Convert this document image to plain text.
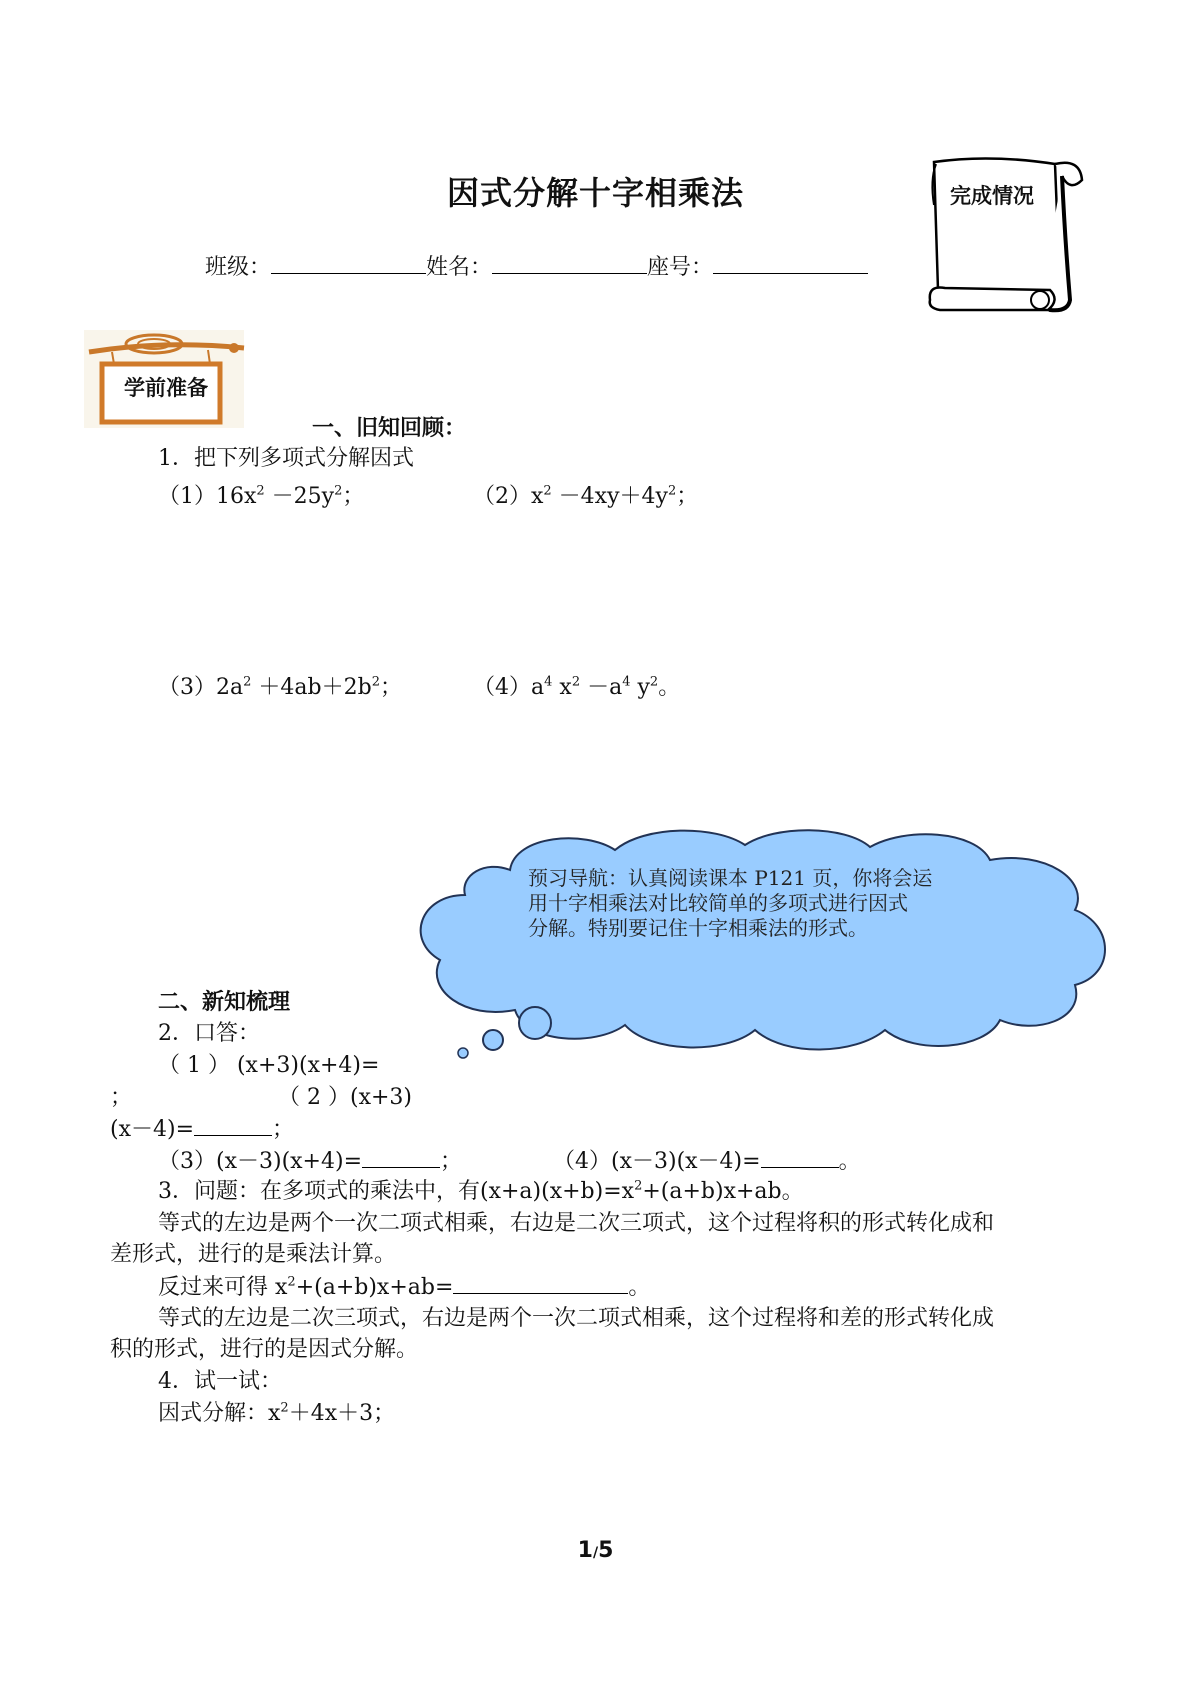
因式分解十字相乘法
班级：	姓名：	座号：
完成情况
学前准备
一、旧知回顾：
1．把下列多项式分解因式
$(1)16x^2 -25y^2$；	$(2)x^2 -4xy+4y^2$；
$(3)2a^2 +4ab+2b^2$；	$(4)a^4$ $x^2 -a^4$ $y^2$。
预习导航：认真阅读课本 P121 页，你将会运
用十字相乘法对比较简单的多项式进行因式
分解。特别要记住十字相乘法的形式。
二、新知梳理
2．口答：
（ 1 ） (x+3)(x+4)=
；	（ 2 ）(x+3)
(x－4)=	；
（3）(x－3)(x+4)=	；	（4）(x－3)(x－4)=	。
3．问题：在多项式的乘法中，有$(x+a)(x+b)=x^2+(a+b)x+ab$。
等式的左边是两个一次二项式相乘，右边是二次三项式，这个过程将积的形式转化成和
差形式，进行的是乘法计算。
反过来可得 $x^2+(a+b)x+ab=$	。
等式的左边是二次三项式，右边是两个一次二项式相乘，这个过程将和差的形式转化成
积的形式，进行的是因式分解。
4．试一试：
因式分解：$x^2+4x+3$；
1/5
